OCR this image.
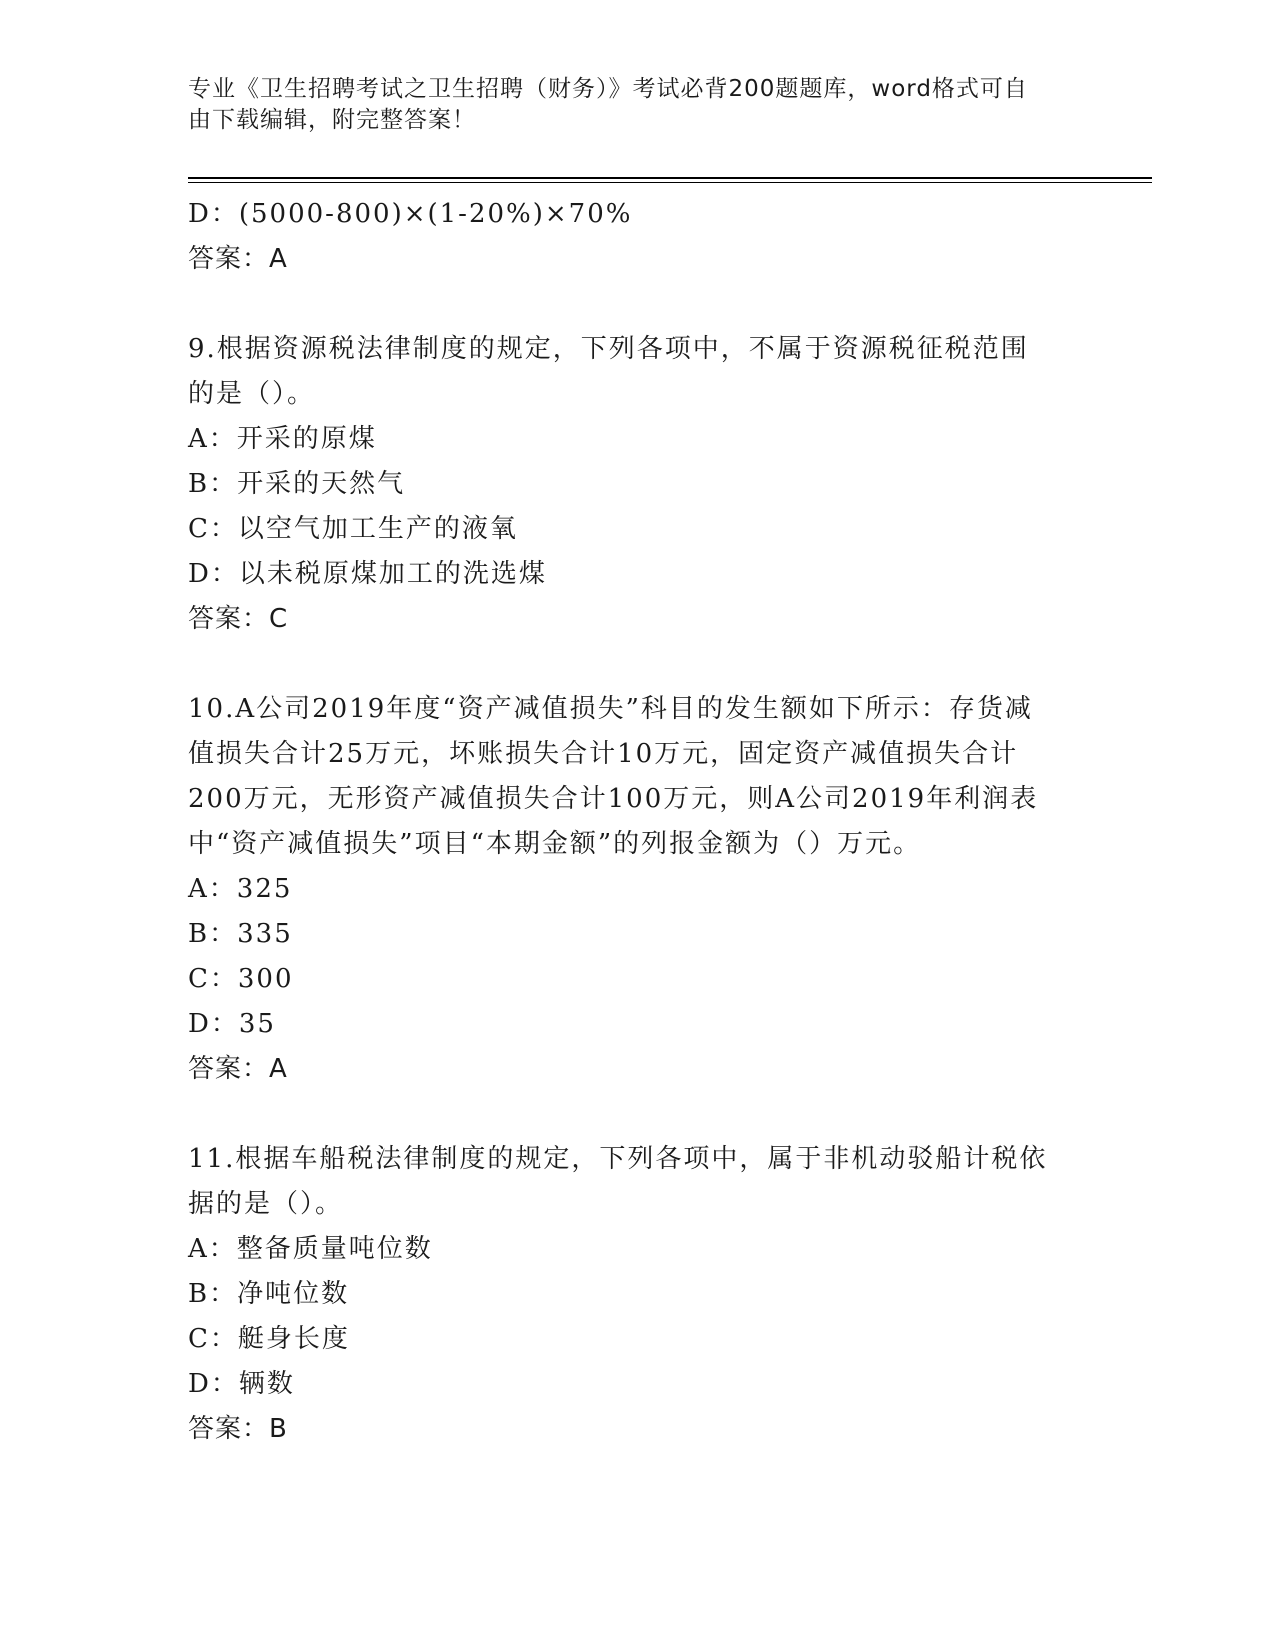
专业《卫生招聘考试之卫生招聘（财务）》考试必背200题题库，word格式可自
由下载编辑，附完整答案！
D：(5000-800)×(1-20%)×70%
答案：A
9.根据资源税法律制度的规定，下列各项中，不属于资源税征税范围
的是（）。
A：开采的原煤
B：开采的天然气
C：以空气加工生产的液氧
D：以未税原煤加工的洗选煤
答案：C
10.A公司2019年度“资产减值损失”科目的发生额如下所示：存货减
值损失合计25万元，坏账损失合计10万元，固定资产减值损失合计
200万元，无形资产减值损失合计100万元，则A公司2019年利润表
中“资产减值损失”项目“本期金额”的列报金额为（）万元。
A：325
B：335
C：300
D：35
答案：A
11.根据车船税法律制度的规定，下列各项中，属于非机动驳船计税依
据的是（）。
A：整备质量吨位数
B：净吨位数
C：艇身长度
D：辆数
答案：B
